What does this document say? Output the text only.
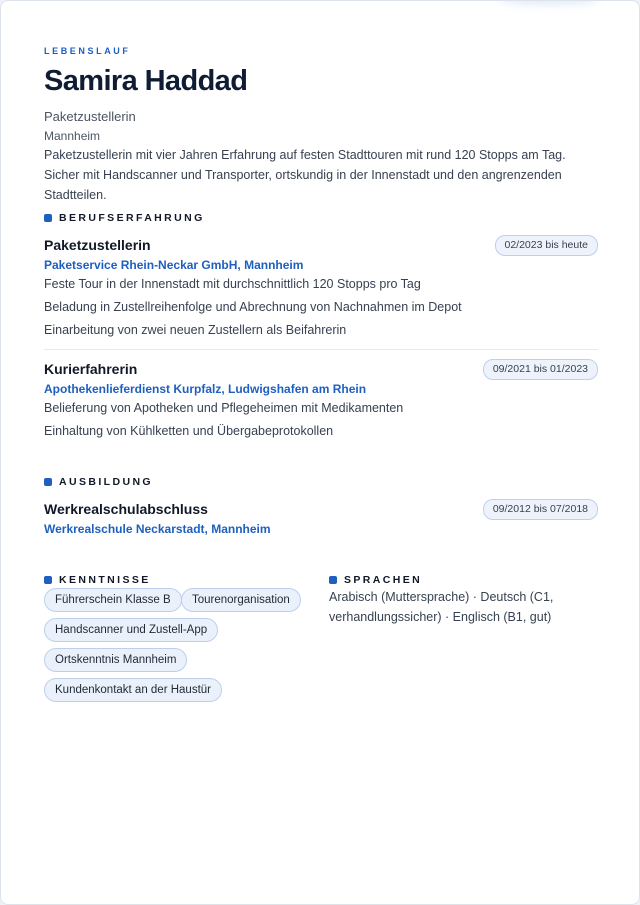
LEBENSLAUF
Samira Haddad
Paketzustellerin
Mannheim

Paketzustellerin mit vier Jahren Erfahrung auf festen Stadttouren mit rund 120 Stopps am Tag. Sicher mit Handscanner und Transporter, ortskundig in der Innenstadt und den angrenzenden Stadtteilen.

BERUFSERFAHRUNG
Paketzustellerin	02/2023 bis heute
Paketservice Rhein-Neckar GmbH, Mannheim
Feste Tour in der Innenstadt mit durchschnittlich 120 Stopps pro Tag
Beladung in Zustellreihenfolge und Abrechnung von Nachnahmen im Depot
Einarbeitung von zwei neuen Zustellern als Beifahrerin
Kurierfahrerin	09/2021 bis 01/2023
Apothekenlieferdienst Kurpfalz, Ludwigshafen am Rhein
Belieferung von Apotheken und Pflegeheimen mit Medikamenten
Einhaltung von Kühlketten und Übergabeprotokollen
AUSBILDUNG
Werkrealschulabschluss	09/2012 bis 07/2018
Werkrealschule Neckarstadt, Mannheim
KENNTNISSE
Führerschein Klasse B	Tourenorganisation
Handscanner und Zustell-App
Ortskenntnis Mannheim
Kundenkontakt an der Haustür
SPRACHEN

Arabisch (Muttersprache) · Deutsch (C1, verhandlungssicher) · Englisch (B1, gut)
